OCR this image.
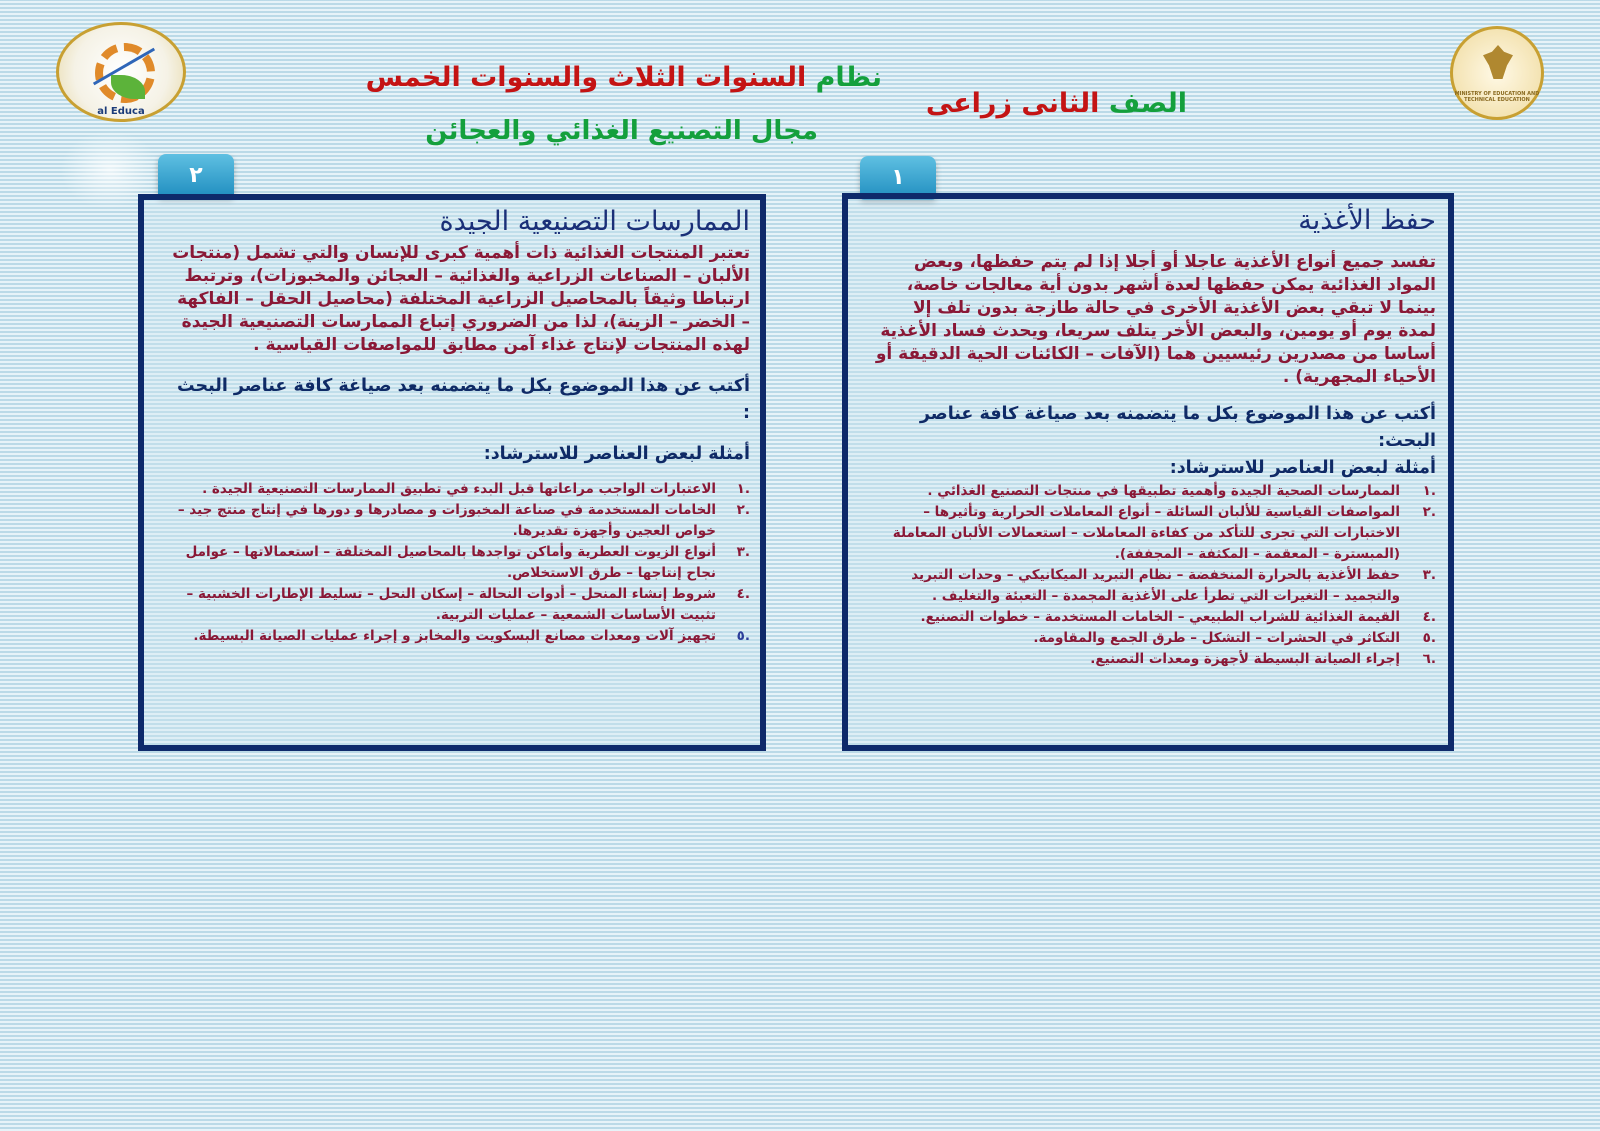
al Educa
MINISTRY OF EDUCATION AND TECHNICAL EDUCATION
نظام السنوات الثلاث والسنوات الخمس
مجال التصنيع الغذائي والعجائن
الصف الثانى زراعى
١
٢
حفظ الأغذية
تفسد جميع أنواع الأغذية عاجلا أو أجلا إذا لم يتم حفظها، وبعض المواد الغذائية يمكن حفظها لعدة أشهر بدون أية معالجات خاصة، بينما لا تبقي بعض الأغذية الأخرى في حالة طازجة بدون تلف إلا لمدة يوم أو يومين، والبعض الأخر يتلف سريعا، ويحدث فساد الأغذية أساسا من مصدرين رئيسيين هما (الآفات – الكائنات الحية الدقيقة أو الأحياء المجهرية) .
أكتب عن هذا الموضوع بكل ما يتضمنه بعد صياغة كافة عناصر البحث:
أمثلة لبعض العناصر للاسترشاد:
.١
الممارسات الصحية الجيدة وأهمية تطبيقها في منتجات التصنيع الغذائي .
.٢
المواصفات القياسية للألبان السائلة – أنواع المعاملات الحرارية وتأثيرها – الاختبارات التي تجرى للتأكد من كفاءة المعاملات – استعمالات الألبان المعاملة (المبسترة – المعقمة – المكثفة – المجففة).
.٣
حفظ الأغذية بالحرارة المنخفضة – نظام التبريد الميكانيكي – وحدات التبريد والتجميد – التغيرات التي تطرأ على الأغذية المجمدة – التعبئة والتغليف .
.٤
القيمة الغذائية للشراب الطبيعي – الخامات المستخدمة – خطوات التصنيع.
.٥
التكاثر في الحشرات – التشكل – طرق الجمع والمقاومة.
.٦
إجراء الصيانة البسيطة لأجهزة ومعدات التصنيع.
الممارسات التصنيعية الجيدة
تعتبر المنتجات الغذائية ذات أهمية كبرى للإنسان والتي تشمل (منتجات الألبان – الصناعات الزراعية والغذائية – العجائن والمخبوزات)، وترتبط ارتباطا وثيقاً بالمحاصيل الزراعية المختلفة (محاصيل الحقل – الفاكهة – الخضر – الزينة)، لذا من الضروري إتباع الممارسات التصنيعية الجيدة لهذه المنتجات لإنتاج غذاء آمن مطابق للمواصفات القياسية .
أكتب عن هذا الموضوع بكل ما يتضمنه بعد صياغة كافة عناصر البحث :
أمثلة لبعض العناصر للاسترشاد:
.١
الاعتبارات الواجب مراعاتها قبل البدء في تطبيق الممارسات التصنيعية الجيدة .
.٢
الخامات المستخدمة في صناعة المخبوزات و مصادرها و دورها في إنتاج منتج جيد –خواص العجين وأجهزة تقديرها.
.٣
أنواع الزيوت العطرية وأماكن تواجدها بالمحاصيل المختلفة – استعمالاتها – عوامل نجاح إنتاجها – طرق الاستخلاص.
.٤
شروط إنشاء المنحل – أدوات النحالة – إسكان النحل – تسليط الإطارات الخشبية – تثبيت الأساسات الشمعية – عمليات التربية.
.٥
تجهيز آلات ومعدات مصانع البسكويت والمخابز و إجراء عمليات الصيانة البسيطة.
